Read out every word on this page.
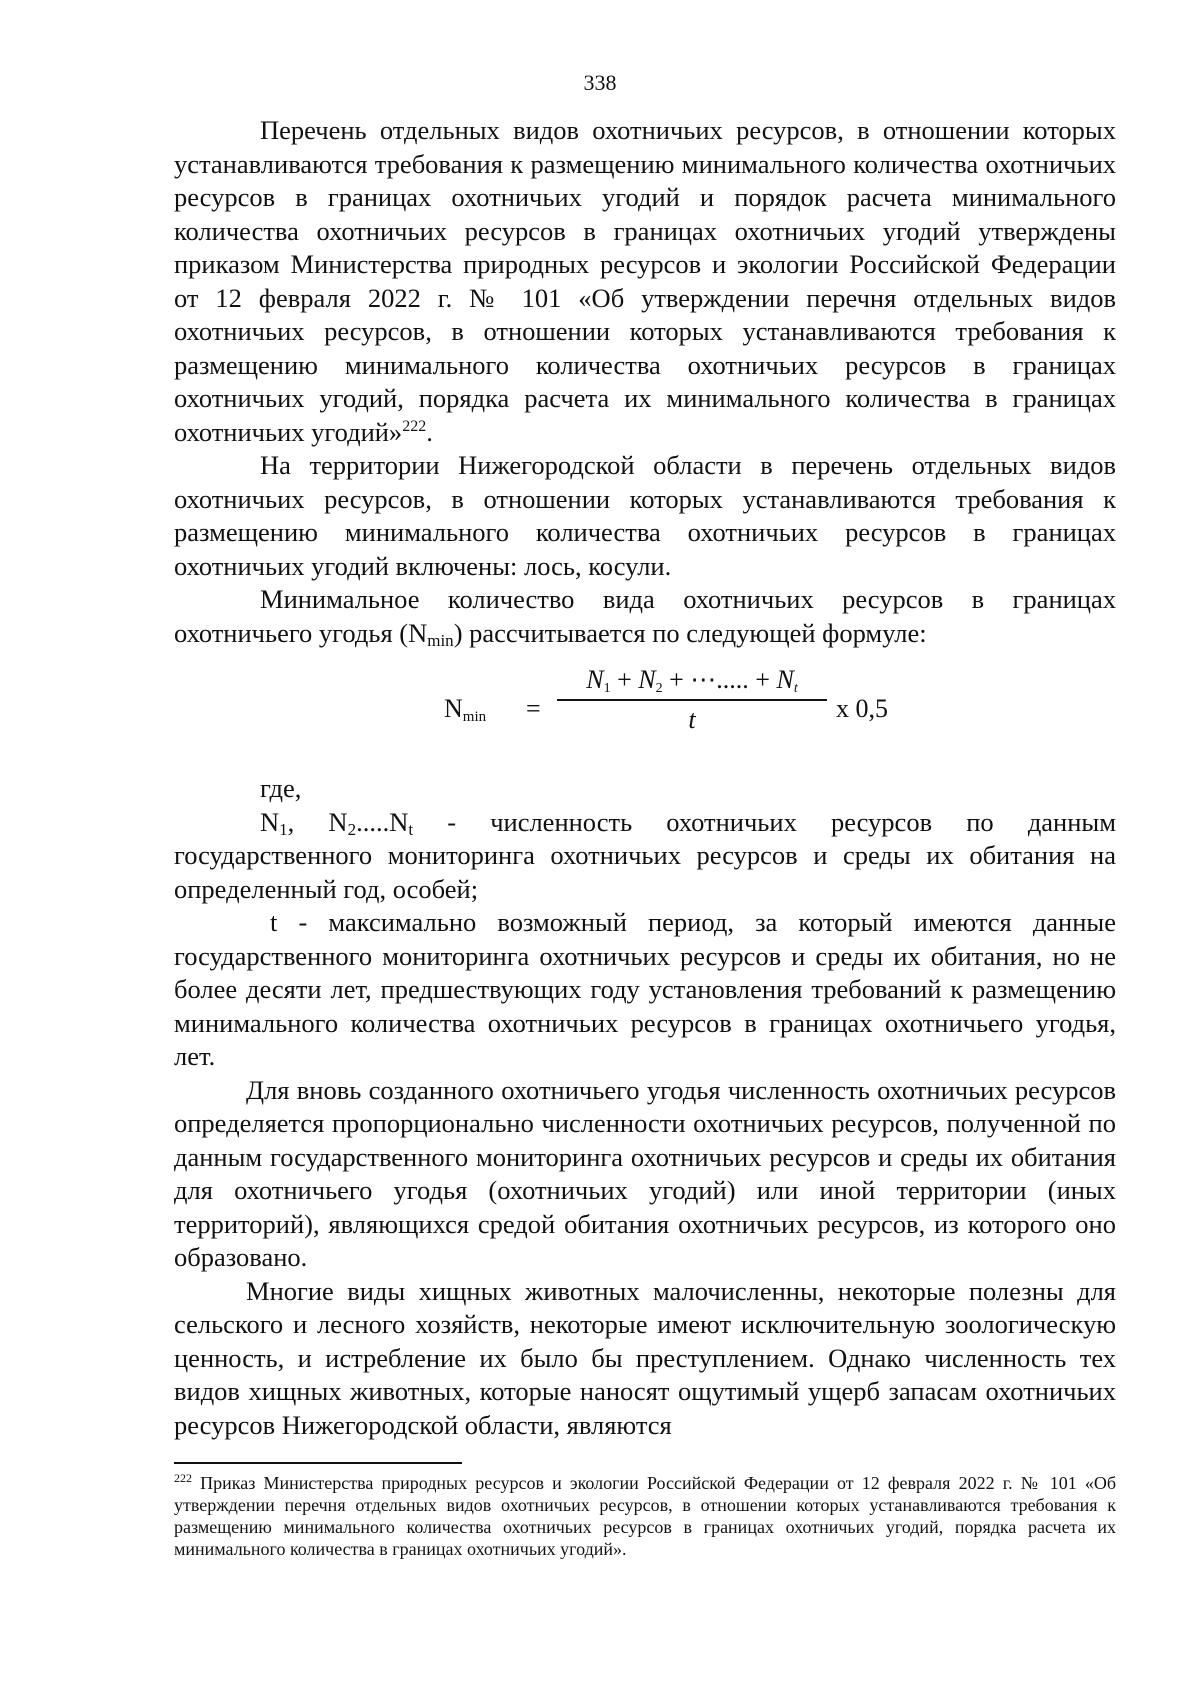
338

Перечень отдельных видов охотничьих ресурсов, в отношении которых устанавливаются требования к размещению минимального количества охотничьих ресурсов в границах охотничьих угодий и порядок расчета минимального количества охотничьих ресурсов в границах охотничьих угодий утверждены приказом Министерства природных ресурсов и экологии Российской Федерации от 12 февраля 2022 г. № 101 «Об утверждении перечня отдельных видов охотничьих ресурсов, в отношении которых устанавливаются требования к размещению минимального количества охотничьих ресурсов в границах охотничьих угодий, порядка расчета их минимального количества в границах охотничьих угодий»$^{222}$.

На территории Нижегородской области в перечень отдельных видов охотничьих ресурсов, в отношении которых устанавливаются требования к размещению минимального количества охотничьих ресурсов в границах охотничьих угодий включены: лось, косули.

Минимальное количество вида охотничьих ресурсов в границах охотничьего угодья $(N_{min})$ рассчитывается по следующей формуле:

$N_{min}$ =
$N_1 + N_2$ + ⋯..... + $N_t$
t	x 0,5

где,

$N_1$, $N_2.....N_t$ - численность охотничьих ресурсов по данным государственного мониторинга охотничьих ресурсов и среды их обитания на определенный год, особей;

t - максимально возможный период, за который имеются данные государственного мониторинга охотничьих ресурсов и среды их обитания, но не более десяти лет, предшествующих году установления требований к размещению минимального количества охотничьих ресурсов в границах охотничьего угодья, лет.

Для вновь созданного охотничьего угодья численность охотничьих ресурсов определяется пропорционально численности охотничьих ресурсов, полученной по данным государственного мониторинга охотничьих ресурсов и среды их обитания для охотничьего угодья (охотничьих угодий) или иной территории (иных территорий), являющихся средой обитания охотничьих ресурсов, из которого оно образовано.

Многие виды хищных животных малочисленны, некоторые полезны для сельского и лесного хозяйств, некоторые имеют исключительную зоологическую ценность, и истребление их было бы преступлением. Однако численность тех видов хищных животных, которые наносят ощутимый ущерб запасам охотничьих ресурсов Нижегородской области, являются

$^{222}$ Приказ Министерства природных ресурсов и экологии Российской Федерации от 12 февраля 2022 г. № 101 «Об утверждении перечня отдельных видов охотничьих ресурсов, в отношении которых устанавливаются требования к размещению минимального количества охотничьих ресурсов в границах охотничьих угодий, порядка расчета их минимального количества в границах охотничьих угодий».
